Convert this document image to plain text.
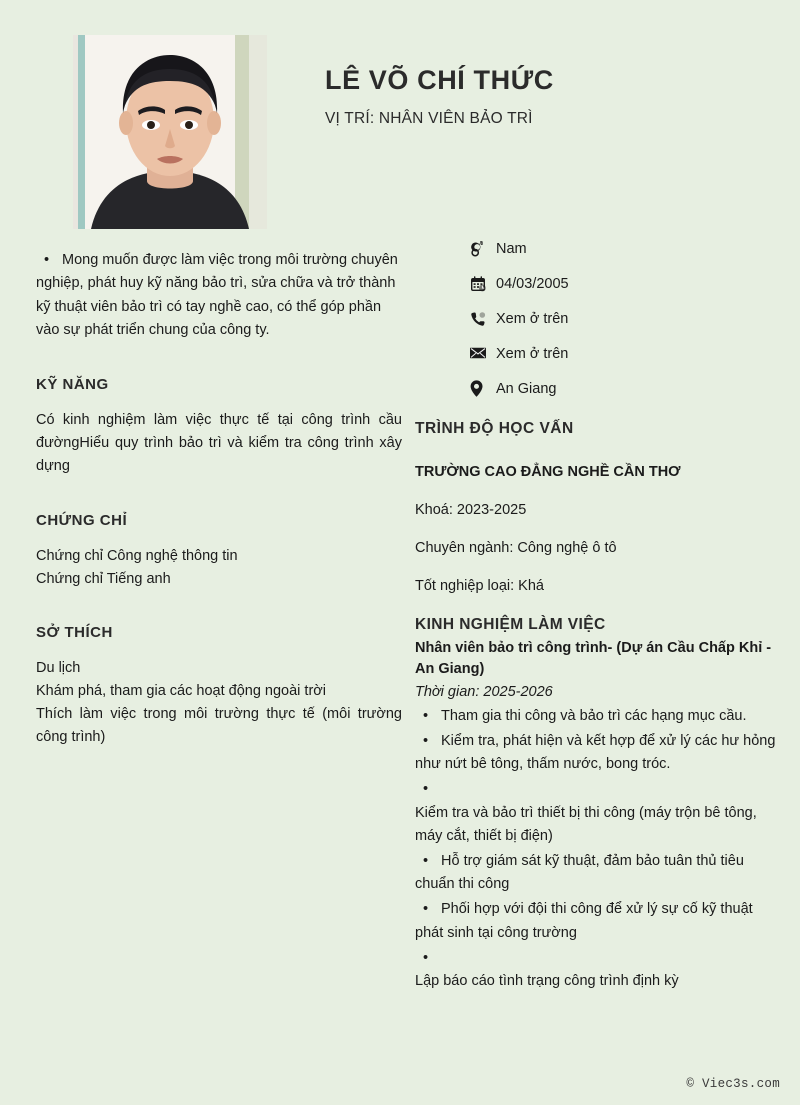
LÊ VÕ CHÍ THỨC
VỊ TRÍ: NHÂN VIÊN BẢO TRÌ
Nam
04/03/2005
Xem ở trên
Xem ở trên
An Giang

• Mong muốn được làm việc trong môi trường chuyên nghiệp, phát huy kỹ năng bảo trì, sửa chữa và trở thành kỹ thuật viên bảo trì có tay nghề cao, có thể góp phần vào sự phát triển chung của công ty.

KỸ NĂNG

Có kinh nghiệm làm việc thực tế tại công trình cầu đườngHiểu quy trình bảo trì và kiểm tra công trình xây dựng

CHỨNG CHỈ

Chứng chỉ Công nghệ thông tin
Chứng chỉ Tiếng anh

SỞ THÍCH

Du lịch
Khám phá, tham gia các hoạt động ngoài trời
Thích làm việc trong môi trường thực tế (môi trường công trình)

TRÌNH ĐỘ HỌC VẤN
TRƯỜNG CAO ĐẲNG NGHỀ CẦN THƠ
Khoá: 2023-2025
Chuyên ngành: Công nghệ ô tô
Tốt nghiệp loại: Khá
KINH NGHIỆM LÀM VIỆC
Nhân viên bảo trì công trình- (Dự án Cầu Chấp Khỉ -An Giang)
Thời gian: 2025-2026
• Tham gia thi công và bảo trì các hạng mục cầu.
• Kiểm tra, phát hiện và kết hợp để xử lý các hư hỏng như nứt bê tông, thấm nước, bong tróc.
•
Kiểm tra và bảo trì thiết bị thi công (máy trộn bê tông, máy cắt, thiết bị điện)
• Hỗ trợ giám sát kỹ thuật, đảm bảo tuân thủ tiêu chuẩn thi công
• Phối hợp với đội thi công để xử lý sự cố kỹ thuật phát sinh tại công trường
•
Lập báo cáo tình trạng công trình định kỳ
© Viec3s.com
